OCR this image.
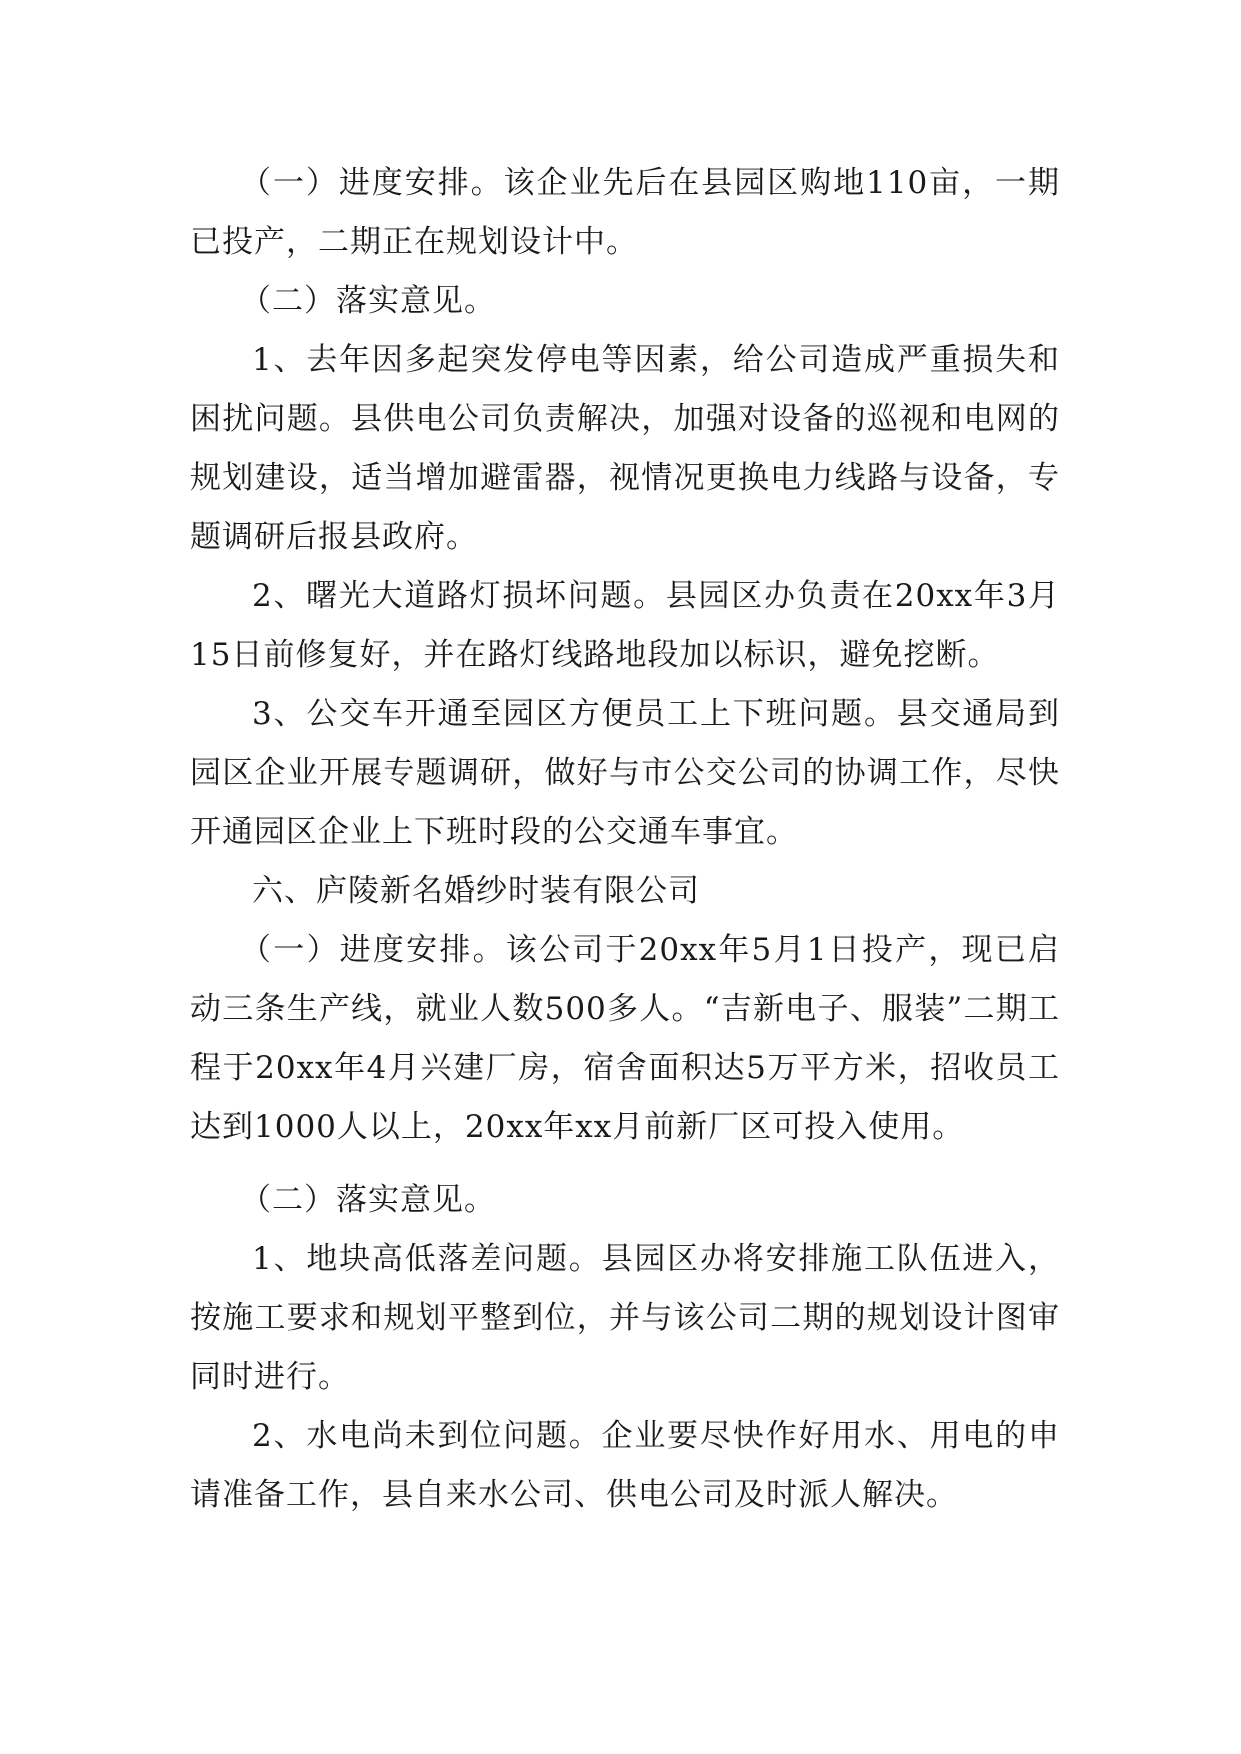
（一）进度安排。该企业先后在县园区购地110亩，一期已投产，二期正在规划设计中。

（二）落实意见。

1、去年因多起突发停电等因素，给公司造成严重损失和困扰问题。县供电公司负责解决，加强对设备的巡视和电网的规划建设，适当增加避雷器，视情况更换电力线路与设备，专题调研后报县政府。

2、曙光大道路灯损坏问题。县园区办负责在20xx年3月15日前修复好，并在路灯线路地段加以标识，避免挖断。

3、公交车开通至园区方便员工上下班问题。县交通局到园区企业开展专题调研，做好与市公交公司的协调工作，尽快开通园区企业上下班时段的公交通车事宜。

六、庐陵新名婚纱时装有限公司

（一）进度安排。该公司于20xx年5月1日投产，现已启动三条生产线，就业人数500多人。“吉新电子、服装”二期工程于20xx年4月兴建厂房，宿舍面积达5万平方米，招收员工达到1000人以上，20xx年xx月前新厂区可投入使用。

（二）落实意见。

1、地块高低落差问题。县园区办将安排施工队伍进入，按施工要求和规划平整到位，并与该公司二期的规划设计图审同时进行。

2、水电尚未到位问题。企业要尽快作好用水、用电的申请准备工作，县自来水公司、供电公司及时派人解决。
